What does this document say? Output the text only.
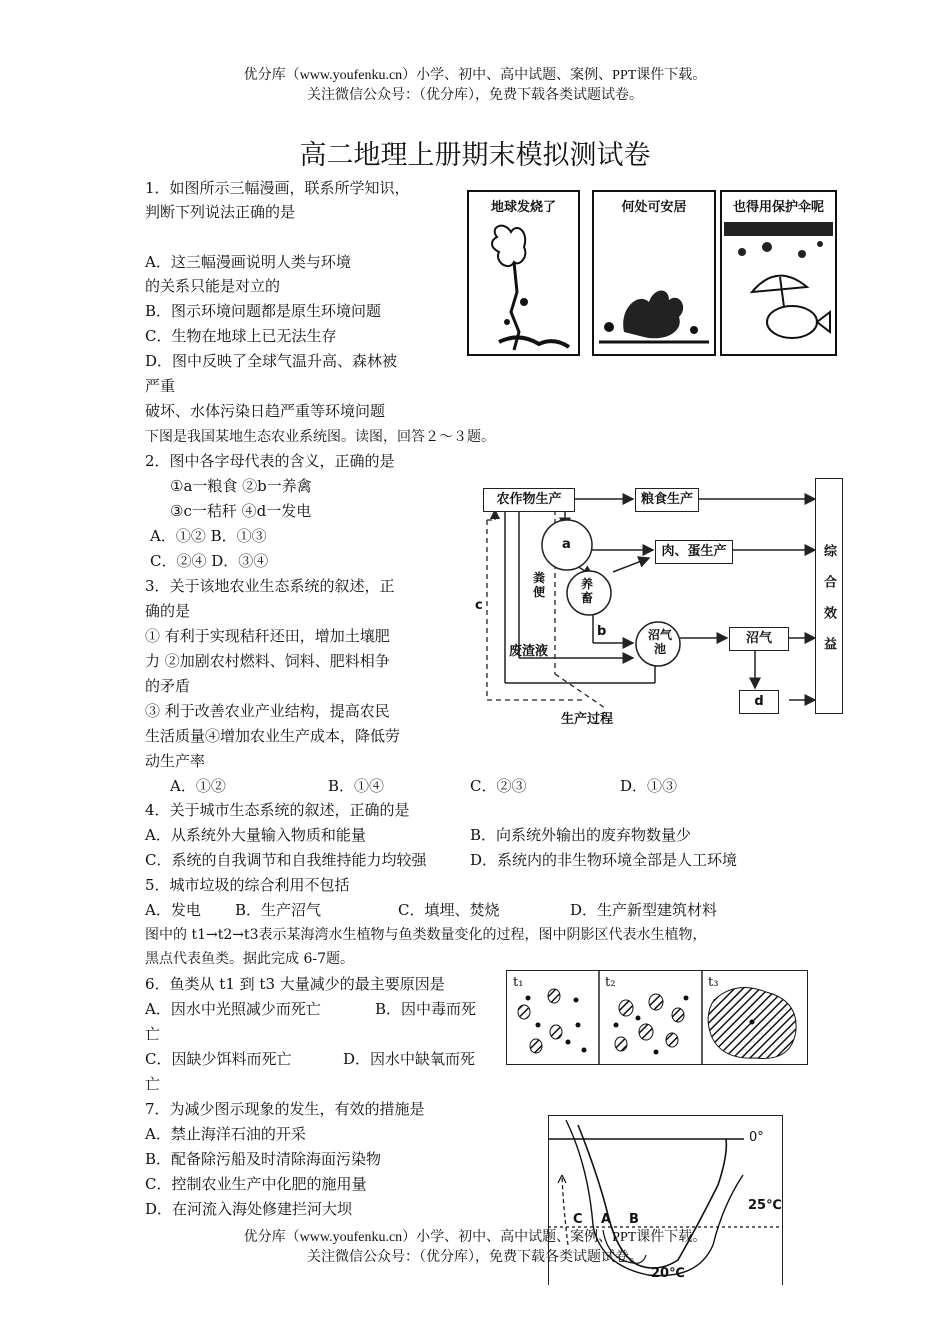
优分库（www.youfenku.cn）小学、初中、高中试题、案例、PPT课件下载。
关注微信公众号：（优分库），免费下载各类试题试卷。
高二地理上册期末模拟测试卷
1．如图所示三幅漫画，联系所学知识，
判断下列说法正确的是
A．这三幅漫画说明人类与环境
的关系只能是对立的
B．图示环境问题都是原生环境问题
C．生物在地球上已无法生存
D．图中反映了全球气温升高、森林被
严重
破坏、水体污染日趋严重等环境问题
地球发烧了	何处可安居	也得用保护伞呢
下图是我国某地生态农业系统图。读图，回答２～３题。
2．图中各字母代表的含义，正确的是
①a一粮食 ②b一养禽
③c一秸秆 ④d一发电
A．①② B．①③
C．②④ D．③④
3．关于该地农业生态系统的叙述，正
确的是
① 有利于实现秸秆还田，增加土壤肥
力 ②加剧农村燃料、饲料、肥料相争
的矛盾
③ 利于改善农业产业结构，提高农民
生活质量④增加农业生产成本，降低劳
动生产率
A．①②	B．①④	C．②③	D．①③
农作物生产	粮食生产
肉、蛋生产
沼气
d
综合效益
a
养畜
粪便
b
c
沼气池
废渣液
生产过程
4．关于城市生态系统的叙述，正确的是
A．从系统外大量输入物质和能量	B．向系统外输出的废弃物数量少
C．系统的自我调节和自我维持能力均较强	D．系统内的非生物环境全部是人工环境
5．城市垃圾的综合利用不包括
A．发电 B．生产沼气	C．填埋、焚烧	D．生产新型建筑材料
图中的 t1→t2→t3表示某海湾水生植物与鱼类数量变化的过程，图中阴影区代表水生植物，
黑点代表鱼类。据此完成 6-7题。
6．鱼类从 t1 到 t3 大量减少的最主要原因是
A．因水中光照减少而死亡	B．因中毒而死
亡
C．因缺少饵料而死亡	D．因水中缺氧而死
亡
t₁	t₂	t₃
7．为减少图示现象的发生，有效的措施是
A．禁止海洋石油的开采
B．配备除污船及时清除海面污染物
C．控制农业生产中化肥的施用量
D．在河流入海处修建拦河大坝
0°
25℃
20℃
C A B
优分库（www.youfenku.cn）小学、初中、高中试题、案例、PPT课件下载。
关注微信公众号：（优分库），免费下载各类试题试卷。
